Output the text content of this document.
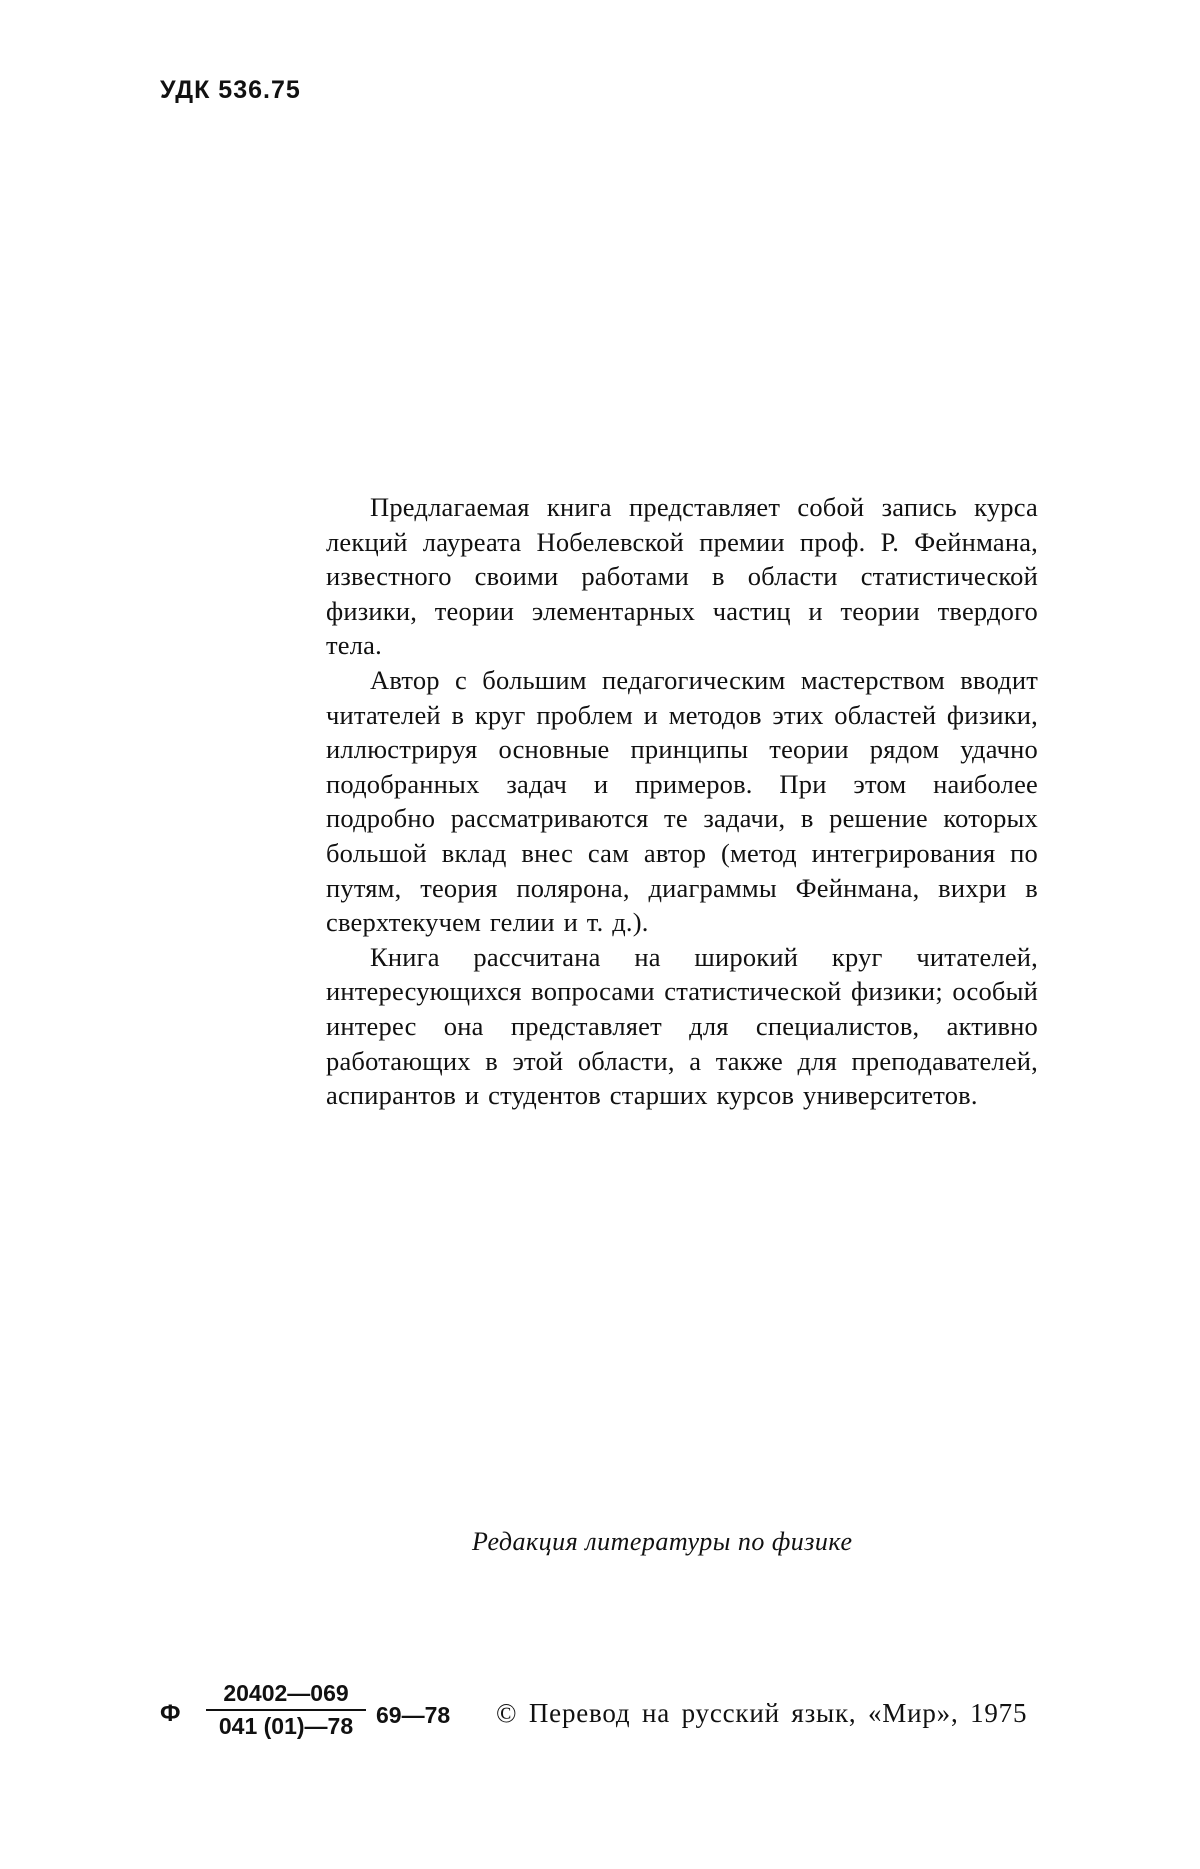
УДК 536.75

Предлагаемая книга представляет собой запись курса лекций лауреата Нобелевской премии проф. Р. Фейнмана, известного своими работами в области статистической физики, теории элементарных частиц и теории твердого тела.

Автор с большим педагогическим мастерством вводит читателей в круг проблем и методов этих областей физики, иллюстрируя основные принципы теории рядом удачно подобранных задач и примеров. При этом наиболее подробно рассматриваются те задачи, в решение которых большой вклад внес сам автор (метод интегрирования по путям, теория полярона, диаграммы Фейнмана, вихри в сверхтекучем гелии и т. д.).

Книга рассчитана на широкий круг читателей, интересующихся вопросами статистической физики; особый интерес она представляет для специалистов, активно работающих в этой области, а также для преподавателей, аспирантов и студентов старших курсов университетов.

Редакция литературы по физике
Ф $\frac{20402—069}{041 (01)—78}$ 69—78 © Перевод на русский язык, «Мир», 1975
